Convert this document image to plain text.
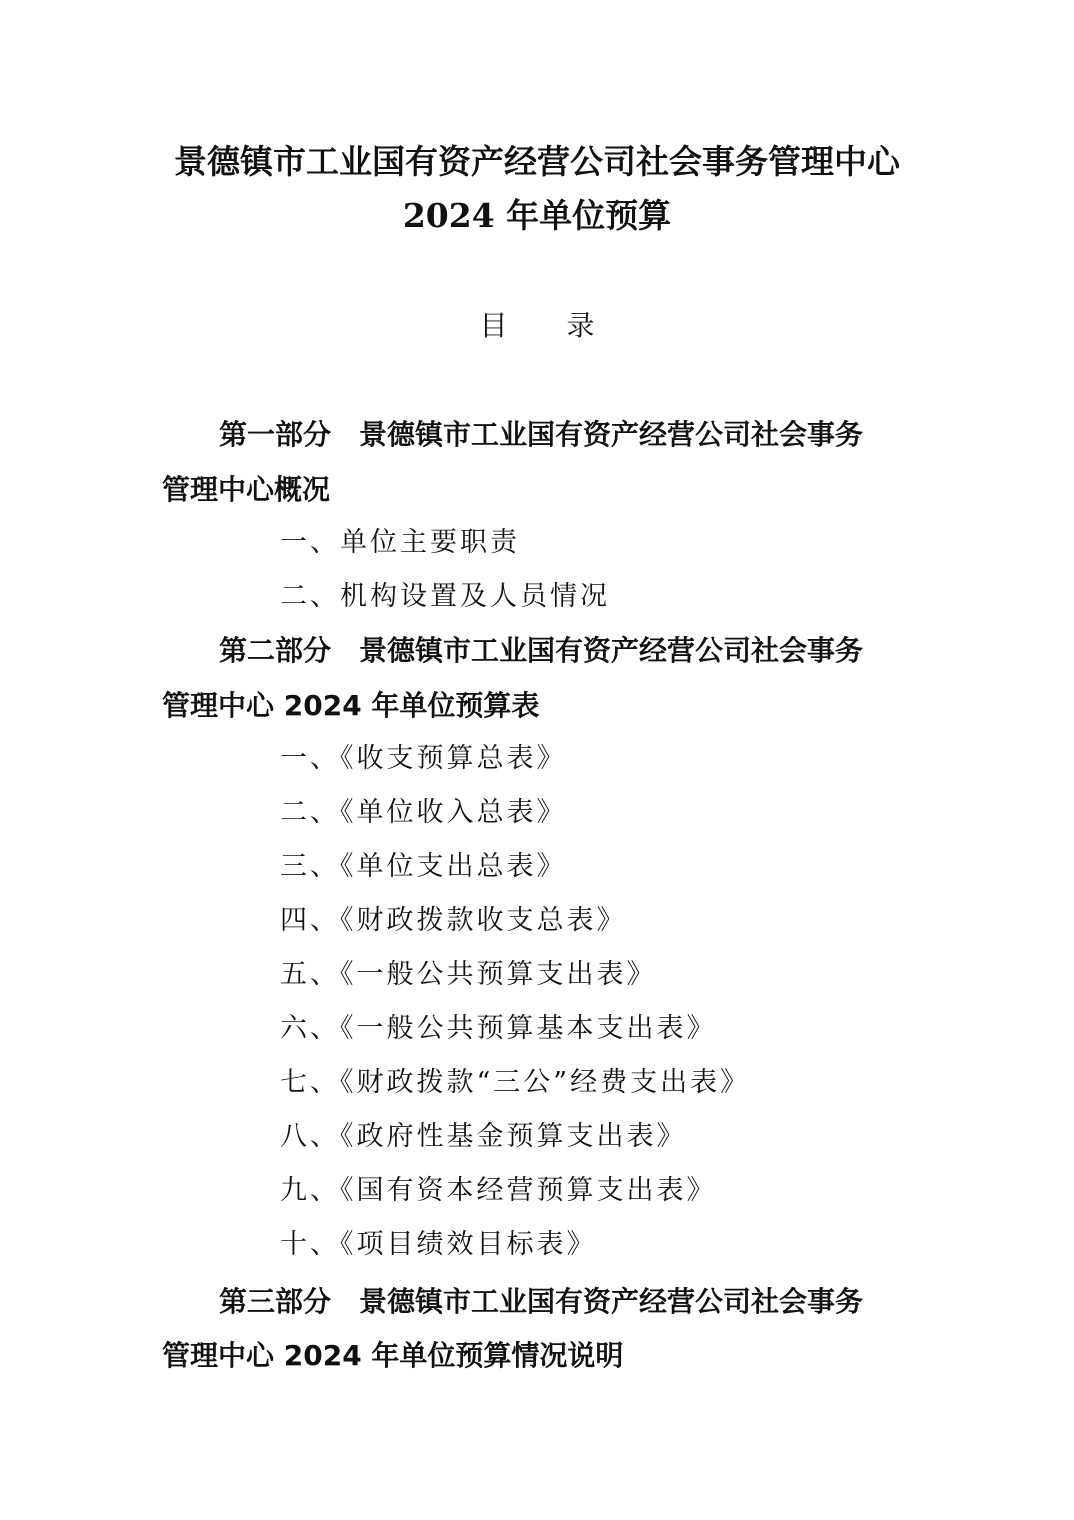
景德镇市工业国有资产经营公司社会事务管理中心
2024 年单位预算
目 录
第一部分　景德镇市工业国有资产经营公司社会事务
管理中心概况
一、单位主要职责
二、机构设置及人员情况
第二部分　景德镇市工业国有资产经营公司社会事务
管理中心 2024 年单位预算表
一、《收支预算总表》
二、《单位收入总表》
三、《单位支出总表》
四、《财政拨款收支总表》
五、《一般公共预算支出表》
六、《一般公共预算基本支出表》
七、《财政拨款“三公”经费支出表》
八、《政府性基金预算支出表》
九、《国有资本经营预算支出表》
十、《项目绩效目标表》
第三部分　景德镇市工业国有资产经营公司社会事务
管理中心 2024 年单位预算情况说明
